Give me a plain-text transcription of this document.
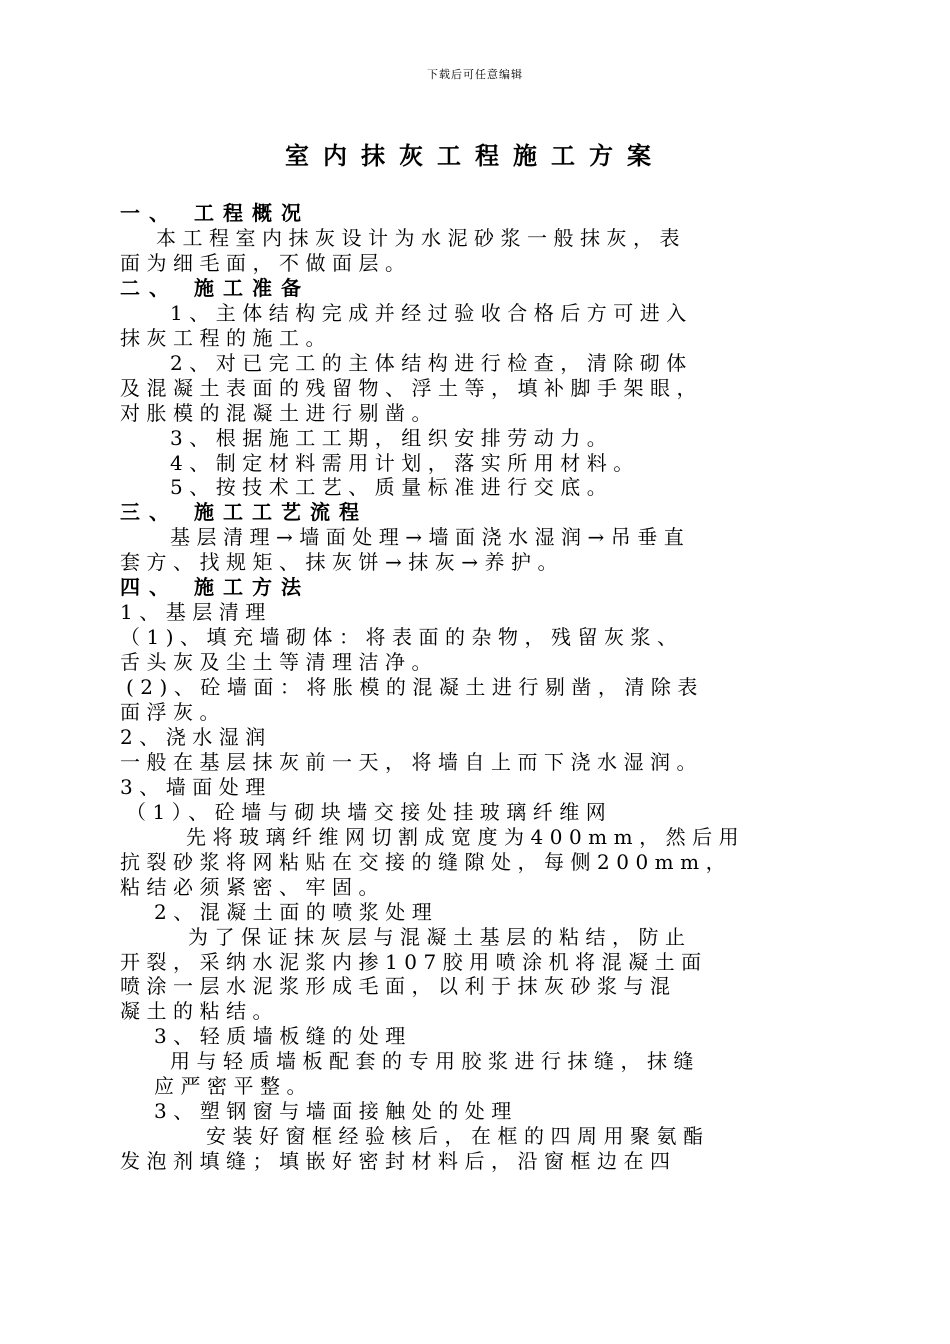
下载后可任意编辑
室内抹灰工程施工方案
一、 工程概况
本工程室内抹灰设计为水泥砂浆一般抹灰，表
面为细毛面，不做面层。
二、 施工准备
1、主体结构完成并经过验收合格后方可进入
抹灰工程的施工。
2、对已完工的主体结构进行检查，清除砌体
及混凝土表面的残留物、浮土等，填补脚手架眼，
对胀模的混凝土进行剔凿。
3、根据施工工期，组织安排劳动力。
4、制定材料需用计划，落实所用材料。
5、按技术工艺、质量标准进行交底。
三、 施工工艺流程
基层清理→墙面处理→墙面浇水湿润→吊垂直
套方、找规矩、抹灰饼→抹灰→养护。
四、 施工方法
1、基层清理
（1)、填充墙砌体：将表面的杂物，残留灰浆、
舌头灰及尘土等清理洁净。
(2)、砼墙面：将胀模的混凝土进行剔凿，清除表
面浮灰。
2、浇水湿润
一般在基层抹灰前一天，将墙自上而下浇水湿润。
3、墙面处理
（1）、砼墙与砌块墙交接处挂玻璃纤维网
先将玻璃纤维网切割成宽度为400mm，然后用
抗裂砂浆将网粘贴在交接的缝隙处，每侧200mm，
粘结必须紧密、牢固。
2、混凝土面的喷浆处理
为了保证抹灰层与混凝土基层的粘结，防止
开裂，采纳水泥浆内掺107胶用喷涂机将混凝土面
喷涂一层水泥浆形成毛面，以利于抹灰砂浆与混
凝土的粘结。
3、轻质墙板缝的处理
用与轻质墙板配套的专用胶浆进行抹缝，抹缝
应严密平整。
3、塑钢窗与墙面接触处的处理
安装好窗框经验核后，在框的四周用聚氨酯
发泡剂填缝；填嵌好密封材料后，沿窗框边在四
